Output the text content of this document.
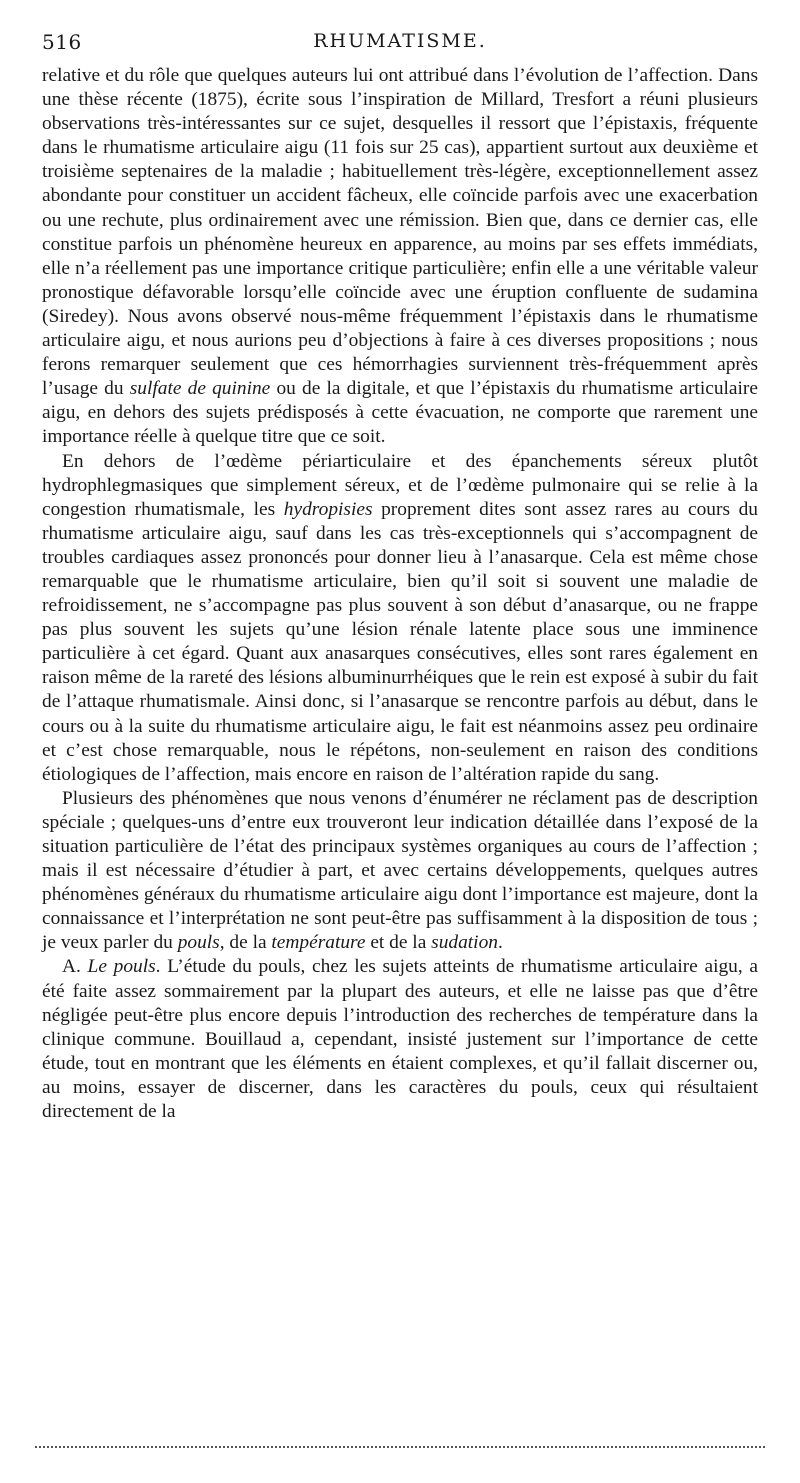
516	RHUMATISME.

relative et du rôle que quelques auteurs lui ont attribué dans l’évolution de l’affection. Dans une thèse récente (1875), écrite sous l’inspiration de Millard, Tresfort a réuni plusieurs observations très-intéressantes sur ce sujet, desquelles il ressort que l’épistaxis, fréquente dans le rhumatisme articulaire aigu (11 fois sur 25 cas), appartient surtout aux deuxième et troisième septenaires de la maladie ; habituellement très-légère, exceptionnellement assez abondante pour constituer un accident fâcheux, elle coïncide parfois avec une exacerbation ou une rechute, plus ordinairement avec une rémission. Bien que, dans ce dernier cas, elle constitue parfois un phénomène heureux en apparence, au moins par ses effets immédiats, elle n’a réellement pas une importance critique particulière; enfin elle a une véritable valeur pronostique défavorable lorsqu’elle coïncide avec une éruption confluente de sudamina (Siredey). Nous avons observé nous-même fréquemment l’épistaxis dans le rhumatisme articulaire aigu, et nous aurions peu d’objections à faire à ces diverses propositions ; nous ferons remarquer seulement que ces hémorrhagies surviennent très-fréquemment après l’usage du sulfate de quinine ou de la digitale, et que l’épistaxis du rhumatisme articulaire aigu, en dehors des sujets prédisposés à cette évacuation, ne comporte que rarement une importance réelle à quelque titre que ce soit.

En dehors de l’œdème périarticulaire et des épanchements séreux plutôt hydrophlegmasiques que simplement séreux, et de l’œdème pulmonaire qui se relie à la congestion rhumatismale, les hydropisies proprement dites sont assez rares au cours du rhumatisme articulaire aigu, sauf dans les cas très-exceptionnels qui s’accompagnent de troubles cardiaques assez prononcés pour donner lieu à l’anasarque. Cela est même chose remarquable que le rhumatisme articulaire, bien qu’il soit si souvent une maladie de refroidissement, ne s’accompagne pas plus souvent à son début d’anasarque, ou ne frappe pas plus souvent les sujets qu’une lésion rénale latente place sous une imminence particulière à cet égard. Quant aux anasarques consécutives, elles sont rares également en raison même de la rareté des lésions albuminurrhéiques que le rein est exposé à subir du fait de l’attaque rhumatismale. Ainsi donc, si l’anasarque se rencontre parfois au début, dans le cours ou à la suite du rhumatisme articulaire aigu, le fait est néanmoins assez peu ordinaire et c’est chose remarquable, nous le répétons, non-seulement en raison des conditions étiologiques de l’affection, mais encore en raison de l’altération rapide du sang.

Plusieurs des phénomènes que nous venons d’énumérer ne réclament pas de description spéciale ; quelques-uns d’entre eux trouveront leur indication détaillée dans l’exposé de la situation particulière de l’état des principaux systèmes organiques au cours de l’affection ; mais il est nécessaire d’étudier à part, et avec certains développements, quelques autres phénomènes généraux du rhumatisme articulaire aigu dont l’importance est majeure, dont la connaissance et l’interprétation ne sont peut-être pas suffisamment à la disposition de tous ; je veux parler du pouls, de la température et de la sudation.

A. Le pouls. L’étude du pouls, chez les sujets atteints de rhumatisme articulaire aigu, a été faite assez sommairement par la plupart des auteurs, et elle ne laisse pas que d’être négligée peut-être plus encore depuis l’introduction des recherches de température dans la clinique commune. Bouillaud a, cependant, insisté justement sur l’importance de cette étude, tout en montrant que les éléments en étaient complexes, et qu’il fallait discerner ou, au moins, essayer de discerner, dans les caractères du pouls, ceux qui résultaient directement de la
